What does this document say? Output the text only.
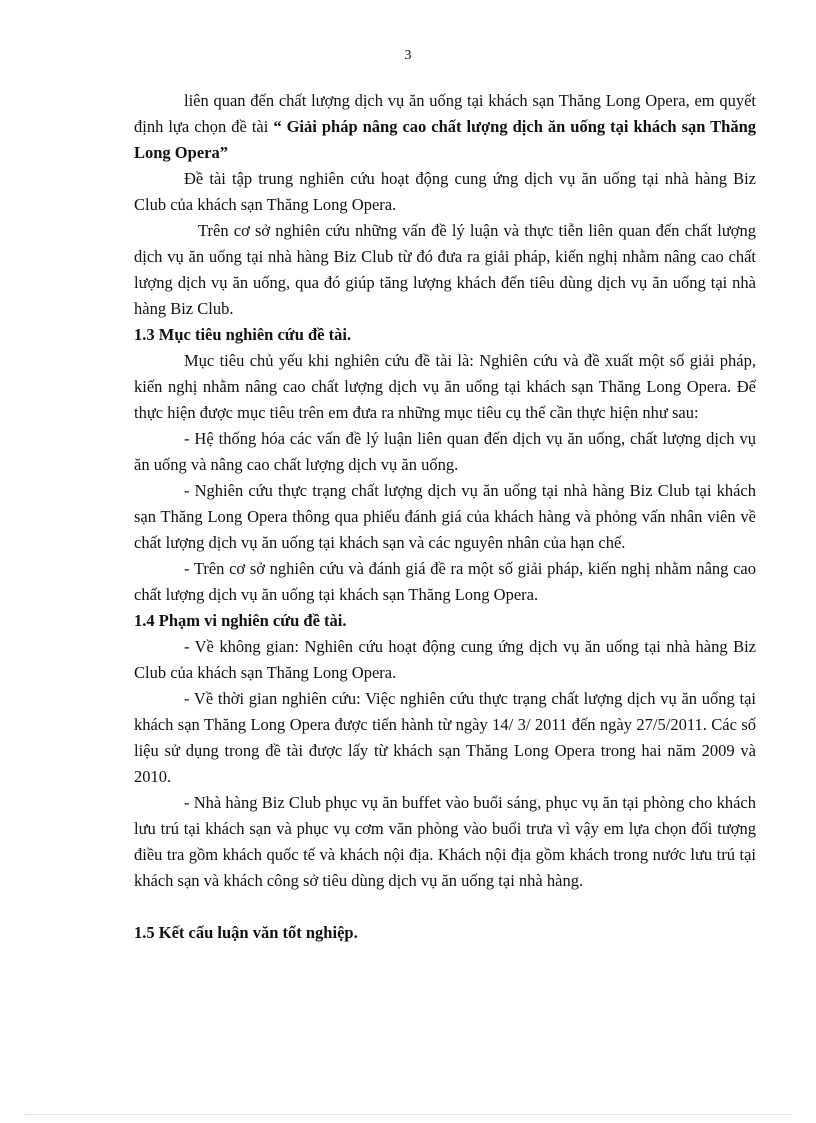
3

liên quan đến chất lượng dịch vụ ăn uống tại khách sạn Thăng Long Opera, em quyết định lựa chọn đề tài “ Giải pháp nâng cao chất lượng dịch ăn uống tại khách sạn Thăng Long Opera”

Đề tài tập trung nghiên cứu hoạt động cung ứng dịch vụ ăn uống tại nhà hàng Biz Club của khách sạn Thăng Long Opera.

Trên cơ sở nghiên cứu những vấn đề lý luận và thực tiễn liên quan đến chất lượng dịch vụ ăn uống tại nhà hàng Biz Club từ đó đưa ra giải pháp, kiến nghị nhằm nâng cao chất lượng dịch vụ ăn uống, qua đó giúp tăng lượng khách đến tiêu dùng dịch vụ ăn uống tại nhà hàng Biz Club.

1.3 Mục tiêu nghiên cứu đề tài.

Mục tiêu chủ yếu khi nghiên cứu đề tài là: Nghiên cứu và đề xuất một số giải pháp, kiến nghị nhằm nâng cao chất lượng dịch vụ ăn uống tại khách sạn Thăng Long Opera. Để thực hiện được mục tiêu trên em đưa ra những mục tiêu cụ thể cần thực hiện như sau:

- Hệ thống hóa các vấn đề lý luận liên quan đến dịch vụ ăn uống, chất lượng dịch vụ ăn uống và nâng cao chất lượng dịch vụ ăn uống.

- Nghiên cứu thực trạng chất lượng dịch vụ ăn uống tại nhà hàng Biz Club tại khách sạn Thăng Long Opera thông qua phiếu đánh giá của khách hàng và phỏng vấn nhân viên về chất lượng dịch vụ ăn uống tại khách sạn và các nguyên nhân của hạn chế.

- Trên cơ sở nghiên cứu và đánh giá đề ra một số giải pháp, kiến nghị nhằm nâng cao chất lượng dịch vụ ăn uống tại khách sạn Thăng Long Opera.

1.4 Phạm vi nghiên cứu đề tài.

- Về không gian: Nghiên cứu hoạt động cung ứng dịch vụ ăn uống tại nhà hàng Biz Club của khách sạn Thăng Long Opera.

- Về thời gian nghiên cứu: Việc nghiên cứu thực trạng chất lượng dịch vụ ăn uống tại khách sạn Thăng Long Opera được tiến hành từ ngày 14/ 3/ 2011 đến ngày 27/5/2011. Các số liệu sử dụng trong đề tài được lấy từ khách sạn Thăng Long Opera trong hai năm 2009 và 2010.

- Nhà hàng Biz Club phục vụ ăn buffet vào buổi sáng, phục vụ ăn tại phòng cho khách lưu trú tại khách sạn và phục vụ cơm văn phòng vào buổi trưa vì vậy em lựa chọn đối tượng điều tra gồm khách quốc tế và khách nội địa. Khách nội địa gồm khách trong nước lưu trú tại khách sạn và khách công sở tiêu dùng dịch vụ ăn uống tại nhà hàng.

1.5 Kết cấu luận văn tốt nghiệp.
